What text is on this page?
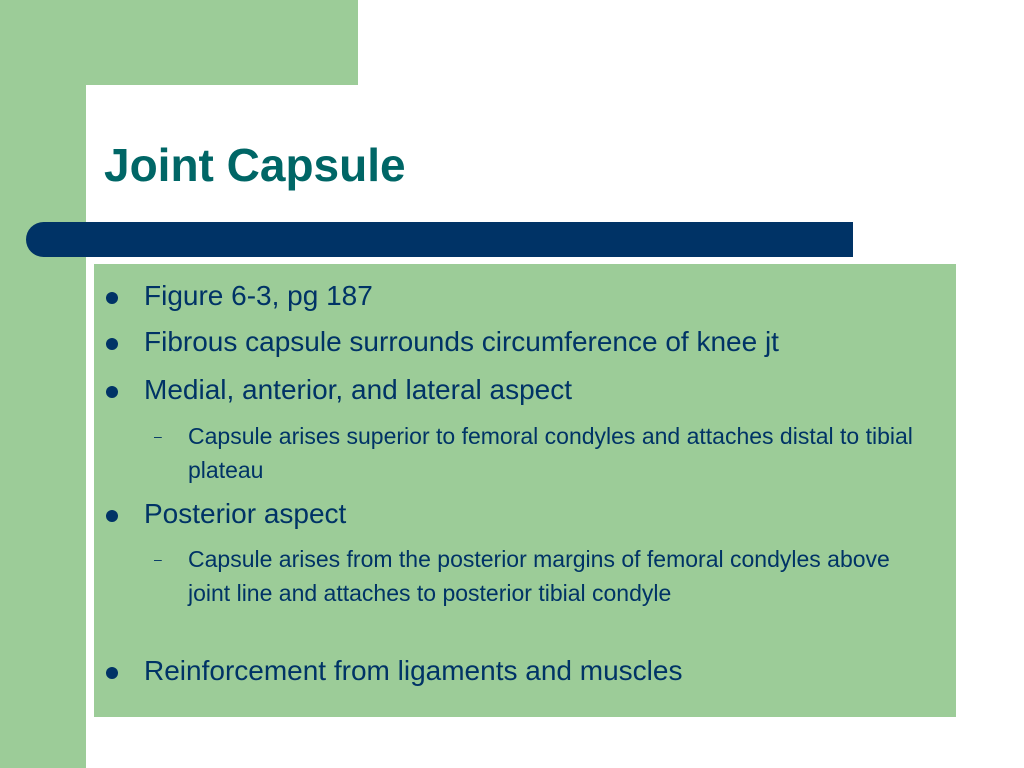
Joint Capsule
Figure 6-3, pg 187
Fibrous capsule surrounds circumference of knee jt
Medial, anterior, and lateral aspect
– Capsule arises superior to femoral condyles and attaches distal to tibial plateau
Posterior aspect
– Capsule arises from the posterior margins of femoral condyles above joint line and attaches to posterior tibial condyle
Reinforcement from ligaments and muscles
